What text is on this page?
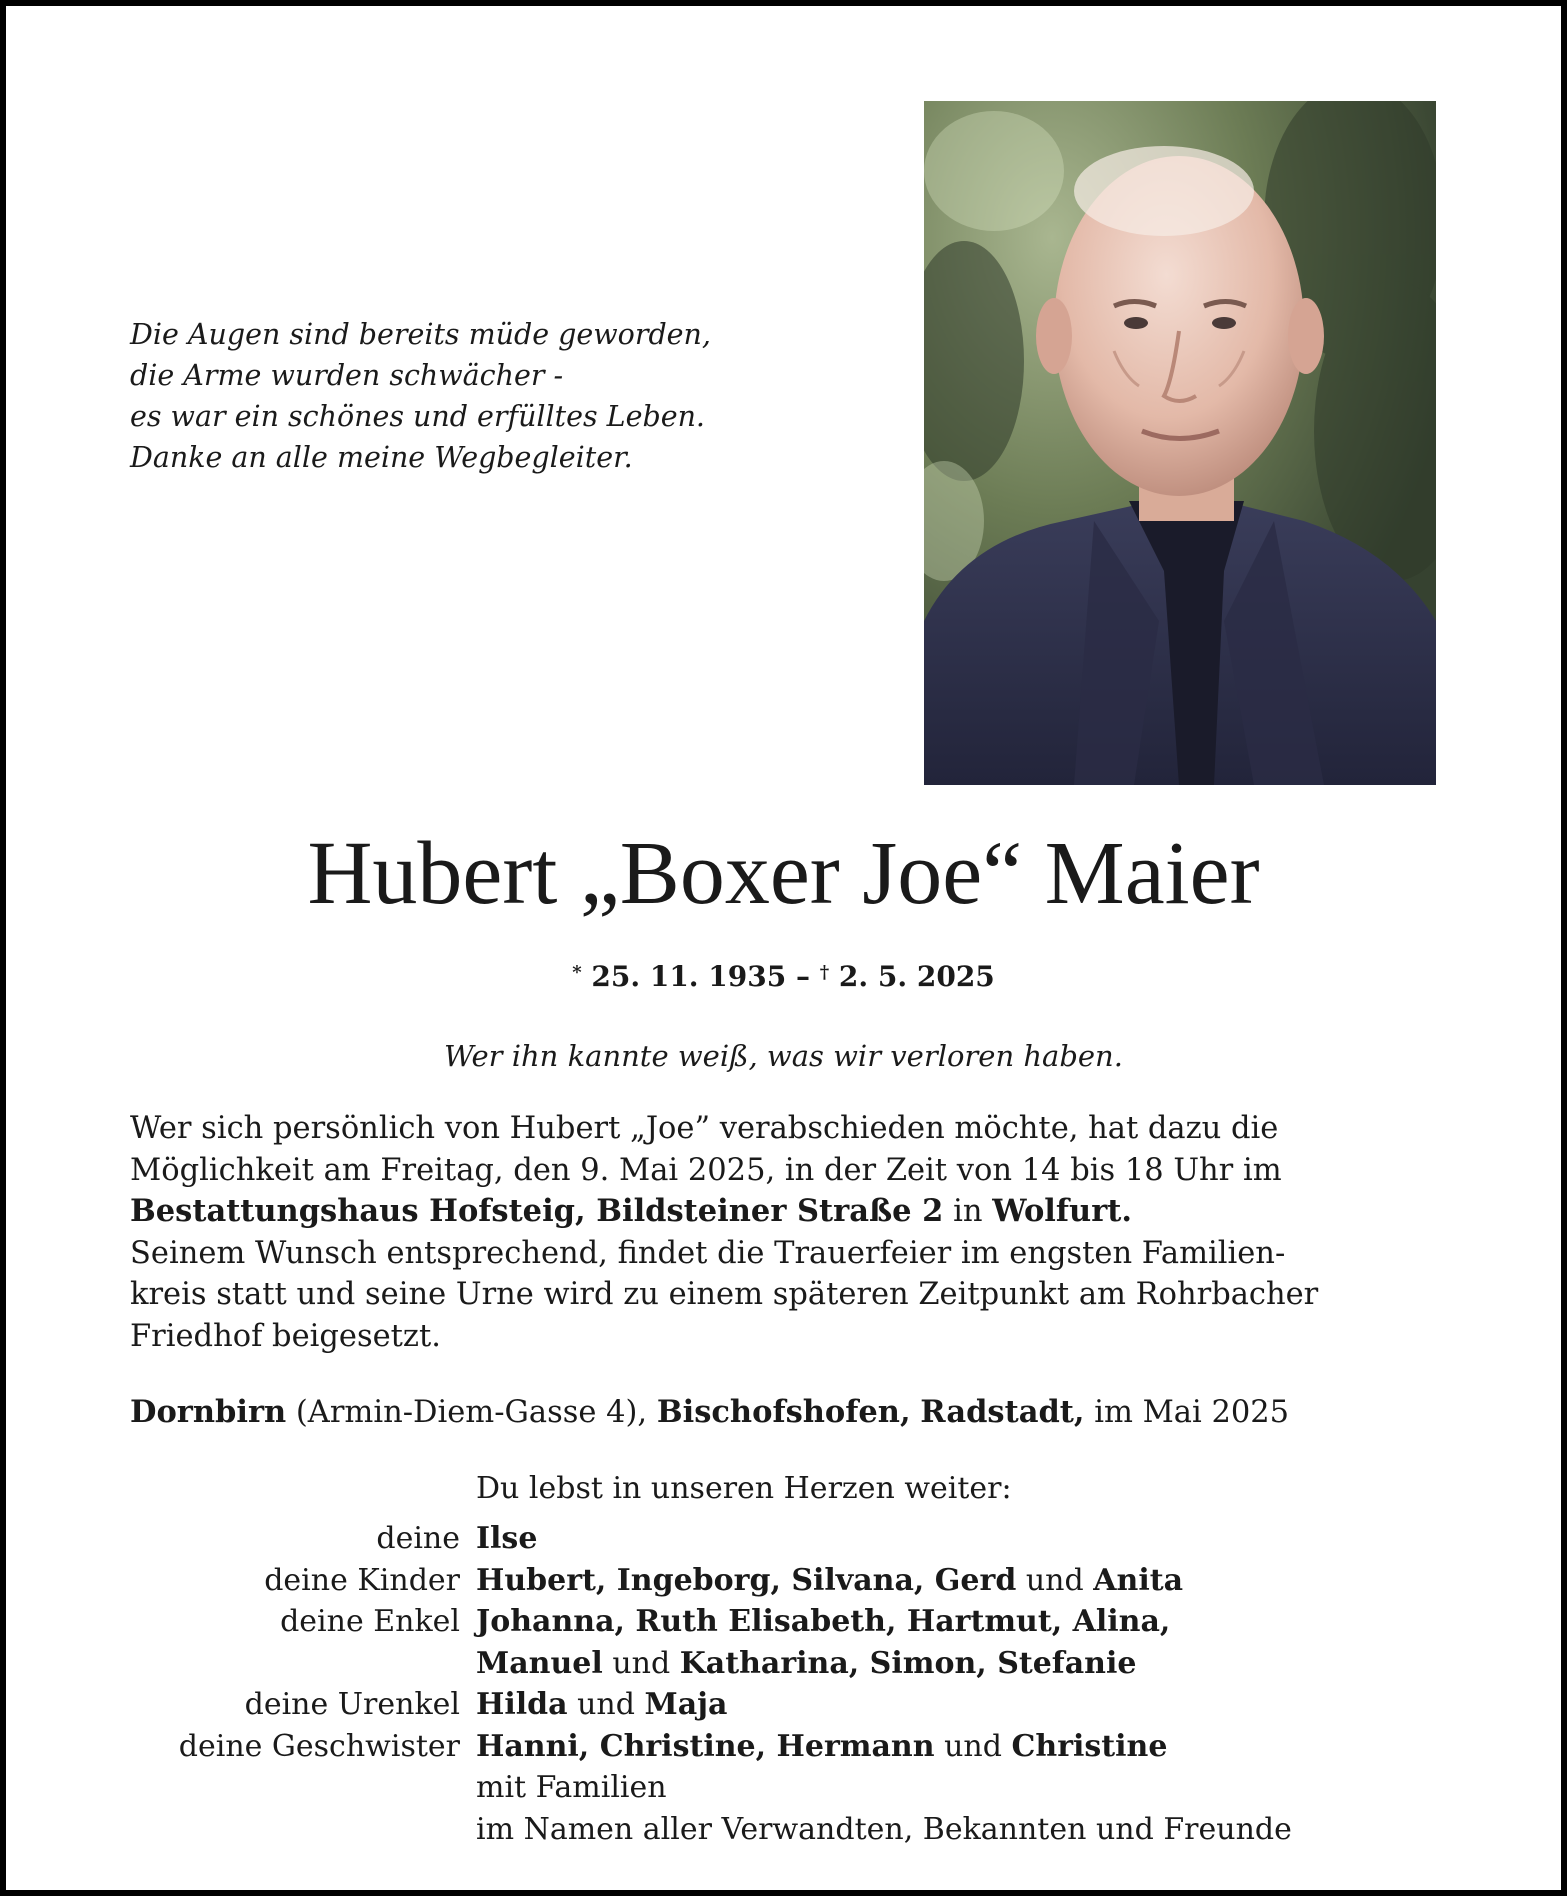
Die Augen sind bereits müde geworden,
die Arme wurden schwächer -
es war ein schönes und erfülltes Leben.
Danke an alle meine Wegbegleiter.
Hubert „Boxer Joe“ Maier
* 25. 11. 1935 – † 2. 5. 2025
Wer ihn kannte weiß, was wir verloren haben.
Wer sich persönlich von Hubert „Joe” verabschieden möchte, hat dazu die
Möglichkeit am Freitag, den 9. Mai 2025, in der Zeit von 14 bis 18 Uhr im
Bestattungshaus Hofsteig, Bildsteiner Straße 2 in Wolfurt.
Seinem Wunsch entsprechend, findet die Trauerfeier im engsten Familien-
kreis statt und seine Urne wird zu einem späteren Zeitpunkt am Rohrbacher
Friedhof beigesetzt.
Dornbirn (Armin-Diem-Gasse 4), Bischofshofen, Radstadt, im Mai 2025
Du lebst in unseren Herzen weiter:
deine Ilse
deine Kinder Hubert, Ingeborg, Silvana, Gerd und Anita
deine Enkel Johanna, Ruth Elisabeth, Hartmut, Alina,
Manuel und Katharina, Simon, Stefanie
deine Urenkel Hilda und Maja
deine Geschwister Hanni, Christine, Hermann und Christine
mit Familien
im Namen aller Verwandten, Bekannten und Freunde
